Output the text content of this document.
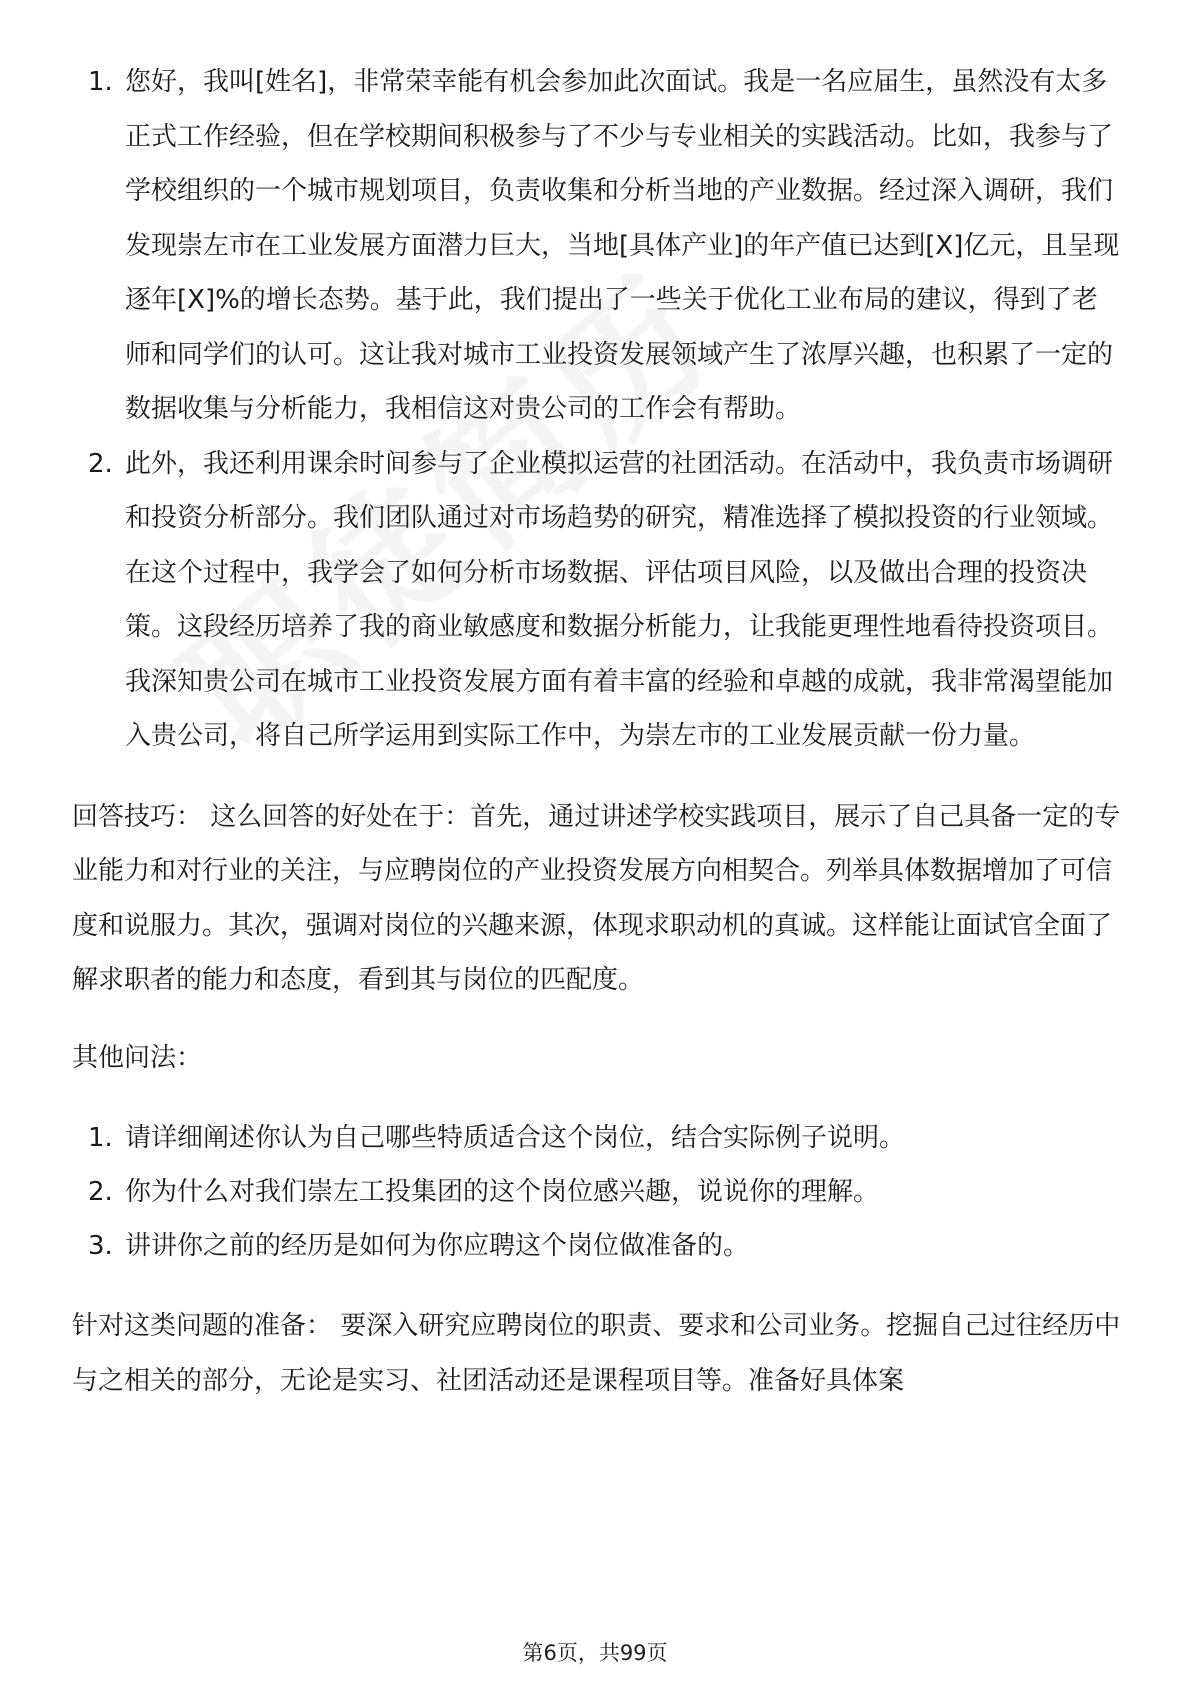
1. 您好，我叫[姓名]，非常荣幸能有机会参加此次面试。我是一名应届生，虽然没有太多正式工作经验，但在学校期间积极参与了不少与专业相关的实践活动。比如，我参与了学校组织的一个城市规划项目，负责收集和分析当地的产业数据。经过深入调研，我们发现崇左市在工业发展方面潜力巨大，当地[具体产业]的年产值已达到[X]亿元，且呈现逐年[X]%的增长态势。基于此，我们提出了一些关于优化工业布局的建议，得到了老师和同学们的认可。这让我对城市工业投资发展领域产生了浓厚兴趣，也积累了一定的数据收集与分析能力，我相信这对贵公司的工作会有帮助。
2. 此外，我还利用课余时间参与了企业模拟运营的社团活动。在活动中，我负责市场调研和投资分析部分。我们团队通过对市场趋势的研究，精准选择了模拟投资的行业领域。在这个过程中，我学会了如何分析市场数据、评估项目风险，以及做出合理的投资决策。这段经历培养了我的商业敏感度和数据分析能力，让我能更理性地看待投资项目。我深知贵公司在城市工业投资发展方面有着丰富的经验和卓越的成就，我非常渴望能加入贵公司，将自己所学运用到实际工作中，为崇左市的工业发展贡献一份力量。
回答技巧： 这么回答的好处在于：首先，通过讲述学校实践项目，展示了自己具备一定的专业能力和对行业的关注，与应聘岗位的产业投资发展方向相契合。列举具体数据增加了可信度和说服力。其次，强调对岗位的兴趣来源，体现求职动机的真诚。这样能让面试官全面了解求职者的能力和态度，看到其与岗位的匹配度。
其他问法：
1. 请详细阐述你认为自己哪些特质适合这个岗位，结合实际例子说明。
2. 你为什么对我们崇左工投集团的这个岗位感兴趣，说说你的理解。
3. 讲讲你之前的经历是如何为你应聘这个岗位做准备的。
针对这类问题的准备： 要深入研究应聘岗位的职责、要求和公司业务。挖掘自己过往经历中与之相关的部分，无论是实习、社团活动还是课程项目等。准备好具体案
第6页，共99页
